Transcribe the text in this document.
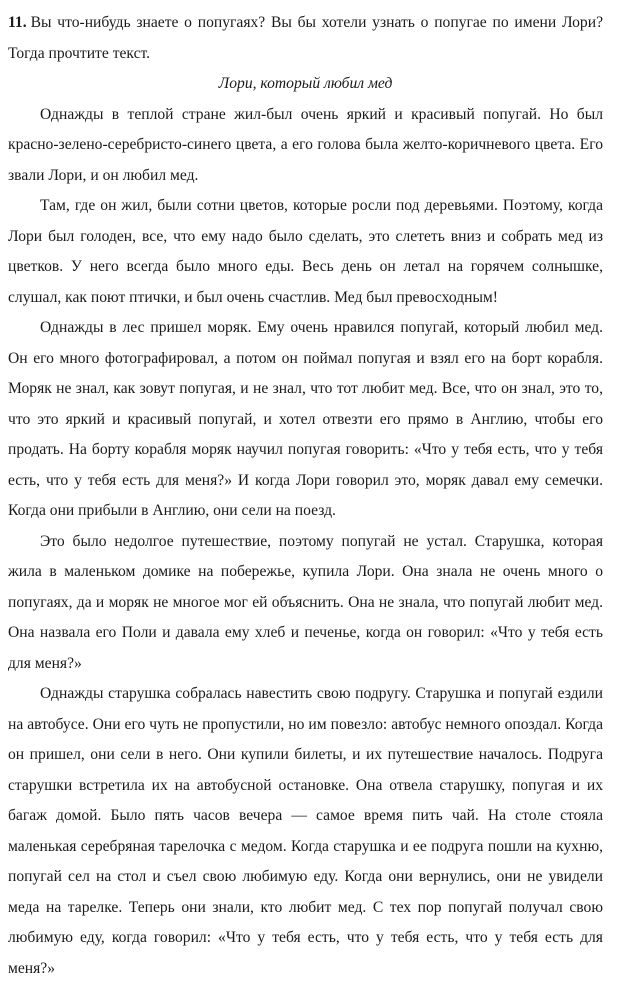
11. Вы что-нибудь знаете о попугаях? Вы бы хотели узнать о попугае по имени Лори? Тогда прочтите текст.

Лори, который любил мед

Однажды в теплой стране жил-был очень яркий и красивый попугай. Но был красно-зелено-серебристо-синего цвета, а его голова была желто-коричневого цвета. Его звали Лори, и он любил мед.

Там, где он жил, были сотни цветов, которые росли под деревьями. Поэтому, когда Лори был голоден, все, что ему надо было сделать, это слететь вниз и собрать мед из цветков. У него всегда было много еды. Весь день он летал на горячем солнышке, слушал, как поют птички, и был очень счастлив. Мед был превосходным!

Однажды в лес пришел моряк. Ему очень нравился попугай, который любил мед. Он его много фотографировал, а потом он поймал попугая и взял его на борт корабля. Моряк не знал, как зовут попугая, и не знал, что тот любит мед. Все, что он знал, это то, что это яркий и красивый попугай, и хотел отвезти его прямо в Англию, чтобы его продать. На борту корабля моряк научил попугая говорить: «Что у тебя есть, что у тебя есть, что у тебя есть для меня?» И когда Лори говорил это, моряк давал ему семечки. Когда они прибыли в Англию, они сели на поезд.

Это было недолгое путешествие, поэтому попугай не устал. Старушка, которая жила в маленьком домике на побережье, купила Лори. Она знала не очень много о попугаях, да и моряк не многое мог ей объяснить. Она не знала, что попугай любит мед. Она назвала его Поли и давала ему хлеб и печенье, когда он говорил: «Что у тебя есть для меня?»

Однажды старушка собралась навестить свою подругу. Старушка и попугай ездили на автобусе. Они его чуть не пропустили, но им повезло: автобус немного опоздал. Когда он пришел, они сели в него. Они купили билеты, и их путешествие началось. Подруга старушки встретила их на автобусной остановке. Она отвела старушку, попугая и их багаж домой. Было пять часов вечера — самое время пить чай. На столе стояла маленькая серебряная тарелочка с медом. Когда старушка и ее подруга пошли на кухню, попугай сел на стол и съел свою любимую еду. Когда они вернулись, они не увидели меда на тарелке. Теперь они знали, кто любит мед. С тех пор попугай получал свою любимую еду, когда говорил: «Что у тебя есть, что у тебя есть, что у тебя есть для меня?»
